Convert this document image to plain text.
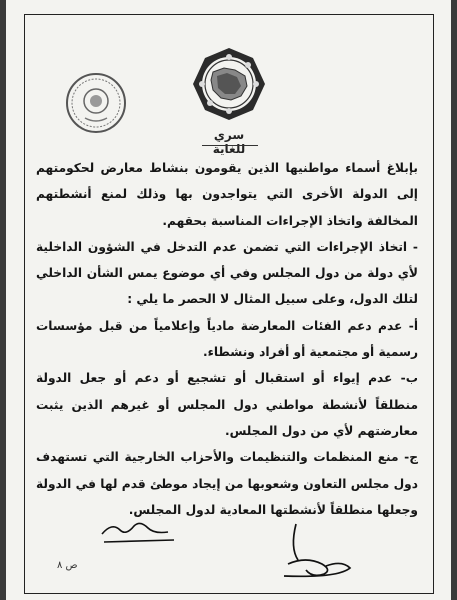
سري للغاية

بإبلاغ أسماء مواطنيها الذين يقومون بنشاط معارض لحكومتهم إلى الدولة الأخرى التي يتواجدون بها وذلك لمنع أنشطتهم المخالفة واتخاذ الإجراءات المناسبة بحقهم.

- اتخاذ الإجراءات التي تضمن عدم التدخل في الشؤون الداخلية لأي دولة من دول المجلس وفي أي موضوع يمس الشأن الداخلي لتلك الدول، وعلى سبيل المثال لا الحصر ما يلي :

أ- عدم دعم الفئات المعارضة مادياً وإعلامياً من قبل مؤسسات رسمية أو مجتمعية أو أفراد ونشطاء.

ب- عدم إيواء أو استقبال أو تشجيع أو دعم أو جعل الدولة منطلقاً لأنشطة مواطني دول المجلس أو غيرهم الذين يثبت معارضتهم لأي من دول المجلس.

ج- منع المنظمات والتنظيمات والأحزاب الخارجية التي تستهدف دول مجلس التعاون وشعوبها من إيجاد موطئ قدم لها في الدولة وجعلها منطلقاً لأنشطتها المعادية لدول المجلس.

ص ٨
